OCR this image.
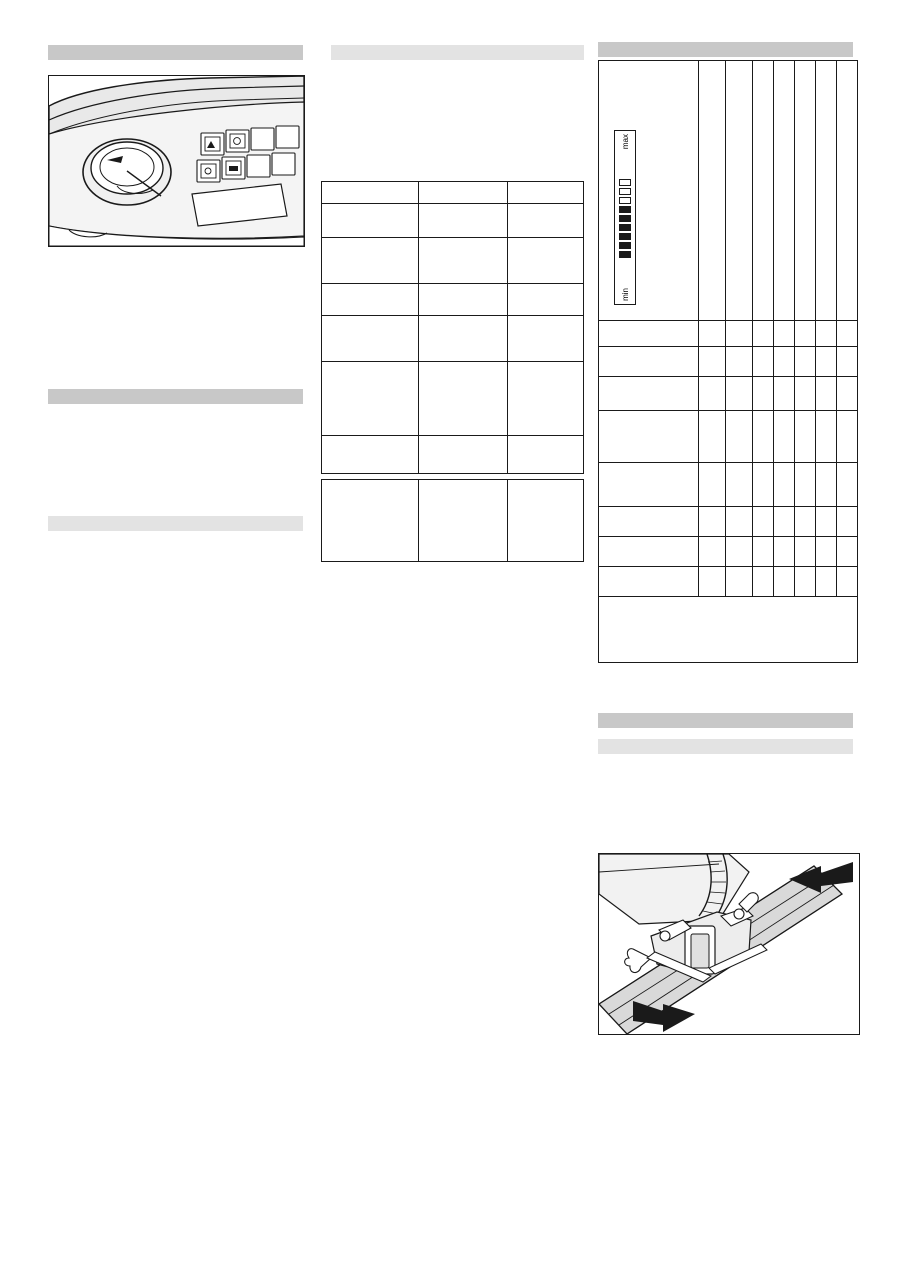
max
min
